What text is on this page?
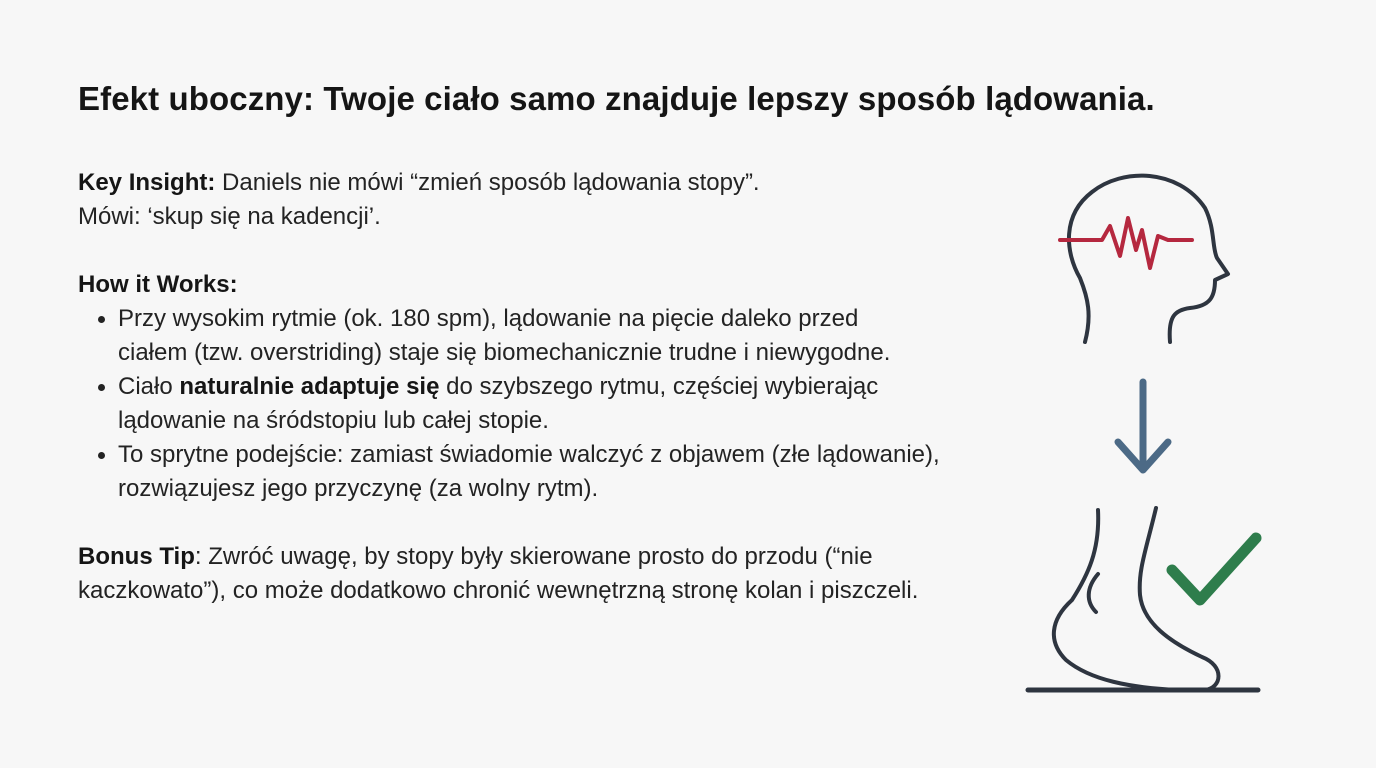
Efekt uboczny: Twoje ciało samo znajduje lepszy sposób lądowania.

Key Insight: Daniels nie mówi “zmień sposób lądowania stopy”.
Mówi: ‘skup się na kadencji’.

How it Works:

Przy wysokim rytmie (ok. 180 spm), lądowanie na pięcie daleko przed ciałem (tzw. overstriding) staje się biomechanicznie trudne i niewygodne.
Ciało naturalnie adaptuje się do szybszego rytmu, częściej wybierając lądowanie na śródstopiu lub całej stopie.
To sprytne podejście: zamiast świadomie walczyć z objawem (złe lądowanie), rozwiązujesz jego przyczynę (za wolny rytm).

Bonus Tip: Zwróć uwagę, by stopy były skierowane prosto do przodu (“nie kaczkowato”), co może dodatkowo chronić wewnętrzną stronę kolan i piszczeli.
